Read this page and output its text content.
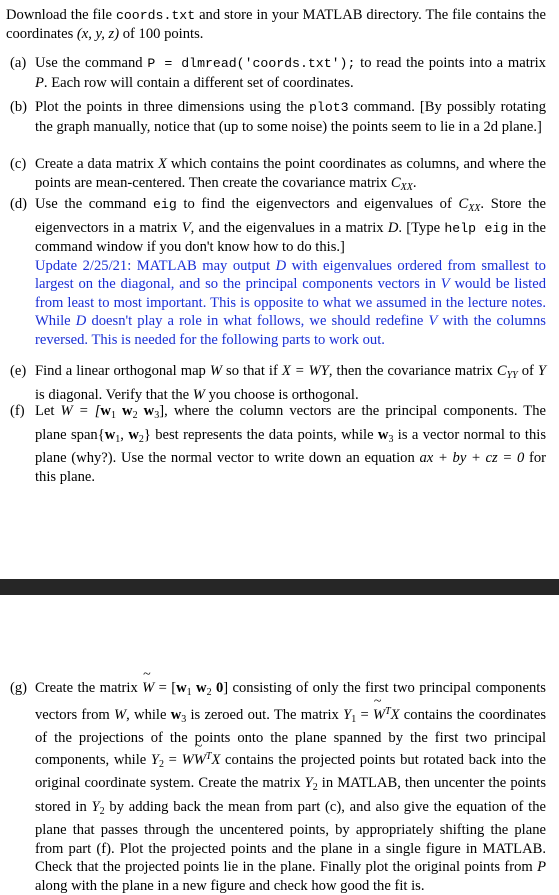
Download the file coords.txt and store in your MATLAB directory. The file contains the coordinates (x, y, z) of 100 points.
(a) Use the command P = dlmread('coords.txt'); to read the points into a matrix P. Each row will contain a different set of coordinates.
(b) Plot the points in three dimensions using the plot3 command. [By possibly rotating the graph manually, notice that (up to some noise) the points seem to lie in a 2d plane.]
(c) Create a data matrix X which contains the point coordinates as columns, and where the points are mean-centered. Then create the covariance matrix $C_{XX}$.
(d) Use the command eig to find the eigenvectors and eigenvalues of $C_{XX}$. Store the eigenvectors in a matrix V, and the eigenvalues in a matrix D. [Type help eig in the command window if you don't know how to do this.]
Update 2/25/21: MATLAB may output D with eigenvalues ordered from smallest to largest on the diagonal, and so the principal components vectors in V would be listed from least to most important. This is opposite to what we assumed in the lecture notes. While D doesn't play a role in what follows, we should redefine V with the columns reversed. This is needed for the following parts to work out.
(e) Find a linear orthogonal map W so that if X = WY, then the covariance matrix $C_{YY}$ of Y is diagonal. Verify that the W you choose is orthogonal.
(f) Let $W = [w_1$ $w_2$ $w_3$], where the column vectors are the principal components. The plane $span\{w_1$, $w_2$} best represents the data points, while $w_3$ is a vector normal to this plane (why?). Use the normal vector to write down an equation ax + by + cz = 0 for this plane.
(g) Create the matrix ~ $W = [w_1$ $w_2$ 0] consisting of only the first two principal components vectors from W, while $w_3$ is zeroed out. The matrix $Y_1$ = ~ $W^TX$ contains the coordinates of the projections of the points onto the plane spanned by the first two principal components, while $Y_2$ = W~ $W^TX$ contains the projected points but rotated back into the original coordinate system. Create the matrix $Y_2$ in MATLAB, then uncenter the points stored in $Y_2$ by adding back the mean from part (c), and also give the equation of the plane that passes through the uncentered points, by appropriately shifting the plane from part (f). Plot the projected points and the plane in a single figure in MATLAB. Check that the projected points lie in the plane. Finally plot the original points from P along with the plane in a new figure and check how good the fit is.
